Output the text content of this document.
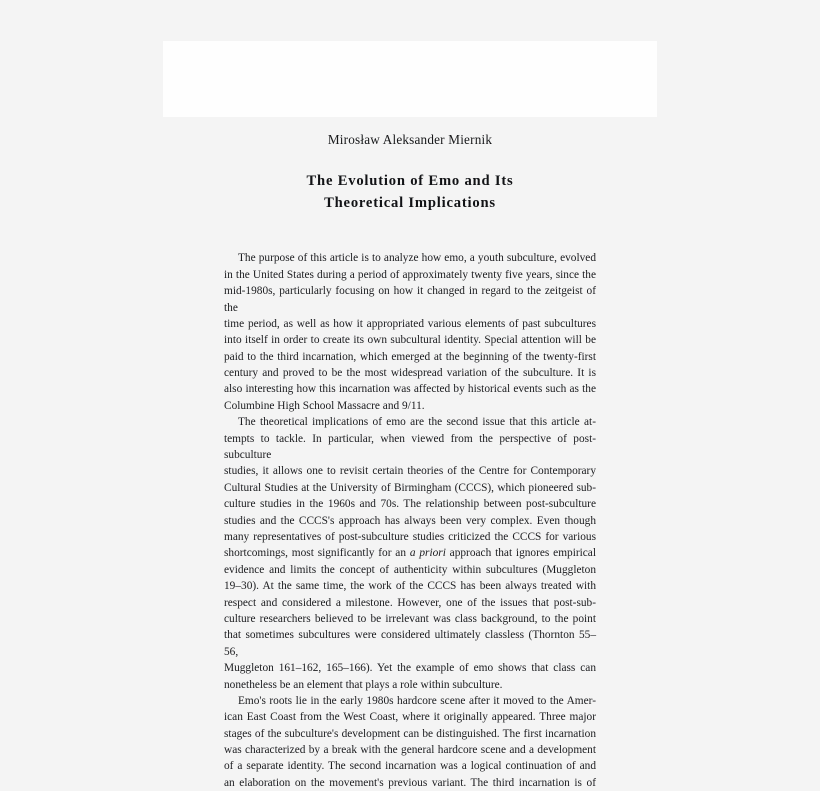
Mirosław Aleksander Miernik
The Evolution of Emo and Its
Theoretical Implications

The purpose of this article is to analyze how emo, a youth subculture, evolved
in the United States during a period of approximately twenty five years, since the
mid-1980s, particularly focusing on how it changed in regard to the zeitgeist of the
time period, as well as how it appropriated various elements of past subcultures
into itself in order to create its own subcultural identity. Special attention will be
paid to the third incarnation, which emerged at the beginning of the twenty-first
century and proved to be the most widespread variation of the subculture. It is
also interesting how this incarnation was affected by historical events such as the
Columbine High School Massacre and 9/11.

The theoretical implications of emo are the second issue that this article at-
tempts to tackle. In particular, when viewed from the perspective of post-subculture
studies, it allows one to revisit certain theories of the Centre for Contemporary
Cultural Studies at the University of Birmingham (CCCS), which pioneered sub-
culture studies in the 1960s and 70s. The relationship between post-subculture
studies and the CCCS's approach has always been very complex. Even though
many representatives of post-subculture studies criticized the CCCS for various
shortcomings, most significantly for an a priori approach that ignores empirical
evidence and limits the concept of authenticity within subcultures (Muggleton
19–30). At the same time, the work of the CCCS has been always treated with
respect and considered a milestone. However, one of the issues that post-sub-
culture researchers believed to be irrelevant was class background, to the point
that sometimes subcultures were considered ultimately classless (Thornton 55–56,
Muggleton 161–162, 165–166). Yet the example of emo shows that class can
nonetheless be an element that plays a role within subculture.

Emo's roots lie in the early 1980s hardcore scene after it moved to the Amer-
ican East Coast from the West Coast, where it originally appeared. Three major
stages of the subculture's development can be distinguished. The first incarnation
was characterized by a break with the general hardcore scene and a development
of a separate identity. The second incarnation was a logical continuation of and
an elaboration on the movement's previous variant. The third incarnation is of
